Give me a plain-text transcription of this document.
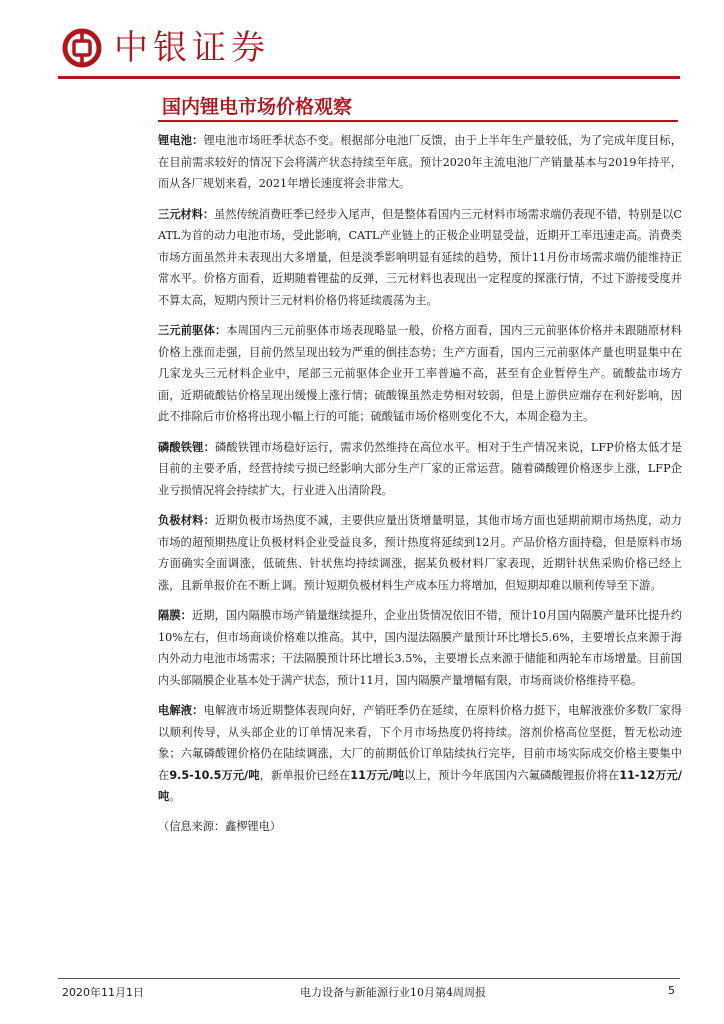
中银证券
国内锂电市场价格观察

锂电池：锂电池市场旺季状态不变。根据部分电池厂反馈，由于上半年生产量较低，为了完成年度目标，在目前需求较好的情况下会将满产状态持续至年底。预计2020年主流电池厂产销量基本与2019年持平，而从各厂规划来看，2021年增长速度将会非常大。

三元材料：虽然传统消费旺季已经步入尾声，但是整体看国内三元材料市场需求端仍表现不错，特别是以CATL为首的动力电池市场，受此影响，CATL产业链上的正极企业明显受益，近期开工率迅速走高。消费类市场方面虽然并未表现出大多增量，但是淡季影响明显有延续的趋势，预计11月份市场需求端仍能维持正常水平。价格方面看，近期随着锂盐的反弹，三元材料也表现出一定程度的探涨行情，不过下游接受度并不算太高，短期内预计三元材料价格仍将延续震荡为主。

三元前驱体：本周国内三元前驱体市场表现略显一般，价格方面看，国内三元前驱体价格并未跟随原材料价格上涨而走强，目前仍然呈现出较为严重的倒挂态势；生产方面看，国内三元前驱体产量也明显集中在几家龙头三元材料企业中，尾部三元前驱体企业开工率普遍不高，甚至有企业暂停生产。硫酸盐市场方面，近期硫酸钴价格呈现出缓慢上涨行情；硫酸镍虽然走势相对较弱，但是上游供应端存在利好影响，因此不排除后市价格将出现小幅上行的可能；硫酸锰市场价格则变化不大，本周企稳为主。

磷酸铁锂：磷酸铁锂市场稳好运行，需求仍然维持在高位水平。相对于生产情况来说，LFP价格太低才是目前的主要矛盾，经营持续亏损已经影响大部分生产厂家的正常运营。随着磷酸锂价格逐步上涨，LFP企业亏损情况将会持续扩大，行业进入出清阶段。

负极材料：近期负极市场热度不减，主要供应量出货增量明显，其他市场方面也延期前期市场热度，动力市场的超预期热度让负极材料企业受益良多，预计热度将延续到12月。产品价格方面持稳，但是原料市场方面确实全面调涨，低硫焦、针状焦均持续调涨，据某负极材料厂家表现，近期针状焦采购价格已经上涨，且新单报价在不断上调。预计短期负极材料生产成本压力将增加，但短期却难以顺利传导至下游。

隔膜：近期，国内隔膜市场产销量继续提升，企业出货情况依旧不错，预计10月国内隔膜产量环比提升约10%左右，但市场商谈价格难以推高。其中，国内湿法隔膜产量预计环比增长5.6%，主要增长点来源于海内外动力电池市场需求；干法隔膜预计环比增长3.5%，主要增长点来源于储能和两轮车市场增量。目前国内头部隔膜企业基本处于满产状态，预计11月，国内隔膜产量增幅有限，市场商谈价格维持平稳。

电解液：电解液市场近期整体表现向好，产销旺季仍在延续，在原料价格力挺下，电解液涨价多数厂家得以顺利传导，从头部企业的订单情况来看，下个月市场热度仍将持续。溶剂价格高位坚挺，暂无松动迹象；六氟磷酸锂价格仍在陆续调涨，大厂的前期低价订单陆续执行完毕，目前市场实际成交价格主要集中在9.5-10.5万元/吨，新单报价已经在11万元/吨以上，预计今年底国内六氟磷酸锂报价将在11-12万元/吨。

（信息来源：鑫椤锂电）
2020年11月1日	电力设备与新能源行业10月第4周周报	5
